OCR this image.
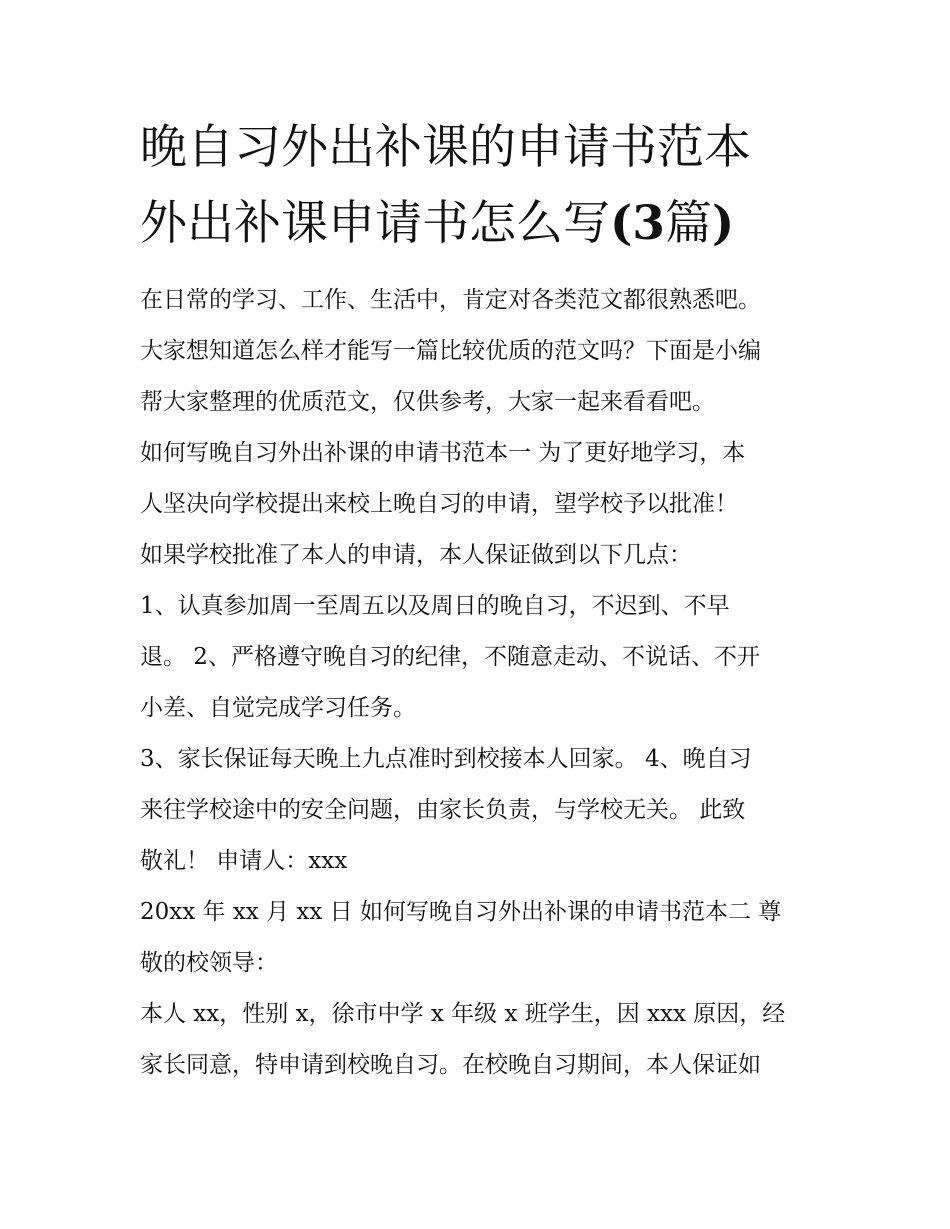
晚自习外出补课的申请书范本
外出补课申请书怎么写(3篇)
在日常的学习、工作、生活中，肯定对各类范文都很熟悉吧。
大家想知道怎么样才能写一篇比较优质的范文吗？下面是小编
帮大家整理的优质范文，仅供参考，大家一起来看看吧。
如何写晚自习外出补课的申请书范本一 为了更好地学习，本
人坚决向学校提出来校上晚自习的申请，望学校予以批准！
如果学校批准了本人的申请，本人保证做到以下几点：
1、认真参加周一至周五以及周日的晚自习，不迟到、不早
退。 2、严格遵守晚自习的纪律，不随意走动、不说话、不开
小差、自觉完成学习任务。
3、家长保证每天晚上九点准时到校接本人回家。 4、晚自习
来往学校途中的安全问题，由家长负责，与学校无关。 此致
敬礼！ 申请人：xxx
20xx 年 xx 月 xx 日 如何写晚自习外出补课的申请书范本二 尊
敬的校领导：
本人 xx，性别 x，徐市中学 x 年级 x 班学生，因 xxx 原因，经
家长同意，特申请到校晚自习。在校晚自习期间，本人保证如
